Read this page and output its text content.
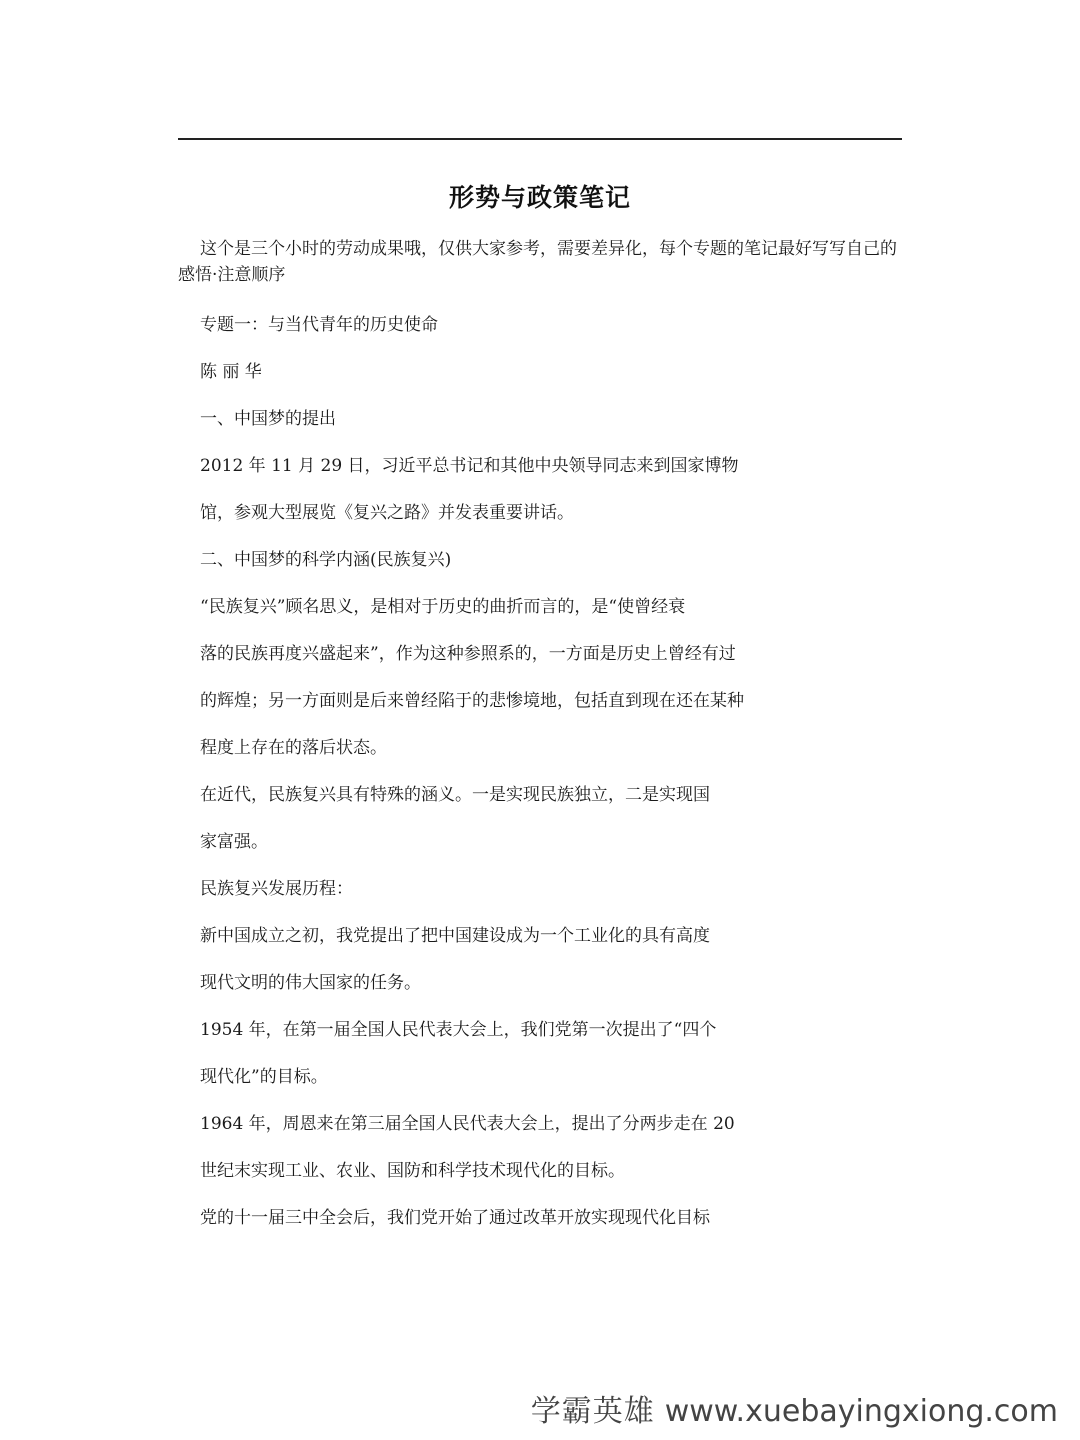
形势与政策笔记

这个是三个小时的劳动成果哦，仅供大家参考，需要差异化，每个专题的笔记最好写写自己的感悟·注意顺序

专题一：与当代青年的历史使命

陈 丽 华

一、中国梦的提出

2012 年 11 月 29 日，习近平总书记和其他中央领导同志来到国家博物

馆，参观大型展览《复兴之路》并发表重要讲话。

二、中国梦的科学内涵(民族复兴)

“民族复兴”顾名思义，是相对于历史的曲折而言的，是“使曾经衰

落的民族再度兴盛起来”，作为这种参照系的，一方面是历史上曾经有过

的辉煌；另一方面则是后来曾经陷于的悲惨境地，包括直到现在还在某种

程度上存在的落后状态。

在近代，民族复兴具有特殊的涵义。一是实现民族独立，二是实现国

家富强。

民族复兴发展历程：

新中国成立之初，我党提出了把中国建设成为一个工业化的具有高度

现代文明的伟大国家的任务。

1954 年，在第一届全国人民代表大会上，我们党第一次提出了“四个

现代化”的目标。

1964 年，周恩来在第三届全国人民代表大会上，提出了分两步走在 20

世纪末实现工业、农业、国防和科学技术现代化的目标。

党的十一届三中全会后，我们党开始了通过改革开放实现现代化目标

学霸英雄 www.xuebayingxiong.com
